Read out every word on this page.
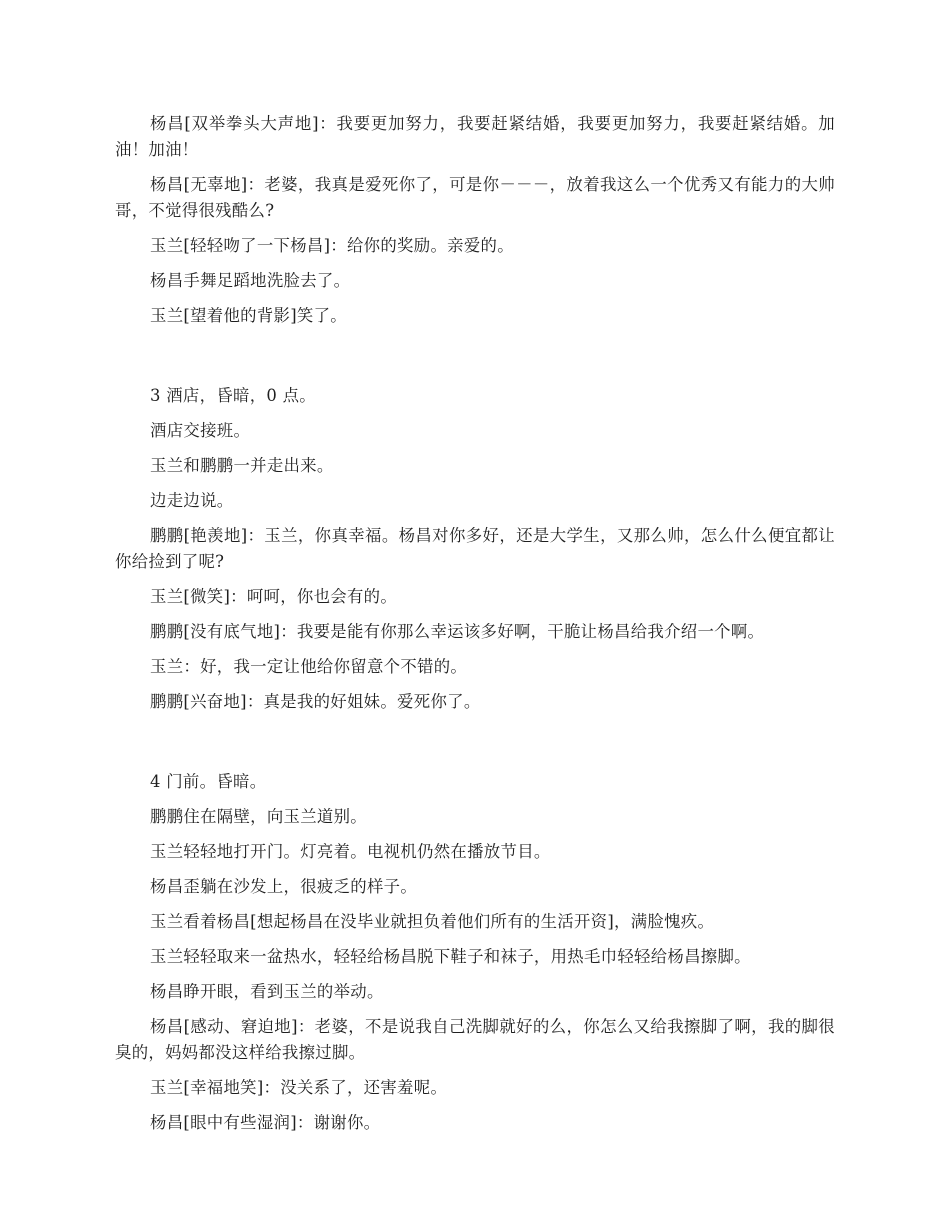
杨昌[双举拳头大声地]：我要更加努力，我要赶紧结婚，我要更加努力，我要赶紧结婚。加油！加油！

杨昌[无辜地]：老婆，我真是爱死你了，可是你－－－，放着我这么一个优秀又有能力的大帅哥，不觉得很残酷么?

玉兰[轻轻吻了一下杨昌]：给你的奖励。亲爱的。

杨昌手舞足蹈地洗脸去了。

玉兰[望着他的背影]笑了。

3 酒店，昏暗，0 点。

酒店交接班。

玉兰和鹏鹏一并走出来。

边走边说。

鹏鹏[艳羡地]：玉兰，你真幸福。杨昌对你多好，还是大学生，又那么帅，怎么什么便宜都让你给捡到了呢?

玉兰[微笑]：呵呵，你也会有的。

鹏鹏[没有底气地]：我要是能有你那么幸运该多好啊，干脆让杨昌给我介绍一个啊。

玉兰：好，我一定让他给你留意个不错的。

鹏鹏[兴奋地]：真是我的好姐妹。爱死你了。

4 门前。昏暗。

鹏鹏住在隔壁，向玉兰道别。

玉兰轻轻地打开门。灯亮着。电视机仍然在播放节目。

杨昌歪躺在沙发上，很疲乏的样子。

玉兰看着杨昌[想起杨昌在没毕业就担负着他们所有的生活开资]，满脸愧疚。

玉兰轻轻取来一盆热水，轻轻给杨昌脱下鞋子和袜子，用热毛巾轻轻给杨昌擦脚。

杨昌睁开眼，看到玉兰的举动。

杨昌[感动、窘迫地]：老婆，不是说我自己洗脚就好的么，你怎么又给我擦脚了啊，我的脚很臭的，妈妈都没这样给我擦过脚。

玉兰[幸福地笑]：没关系了，还害羞呢。

杨昌[眼中有些湿润]：谢谢你。
